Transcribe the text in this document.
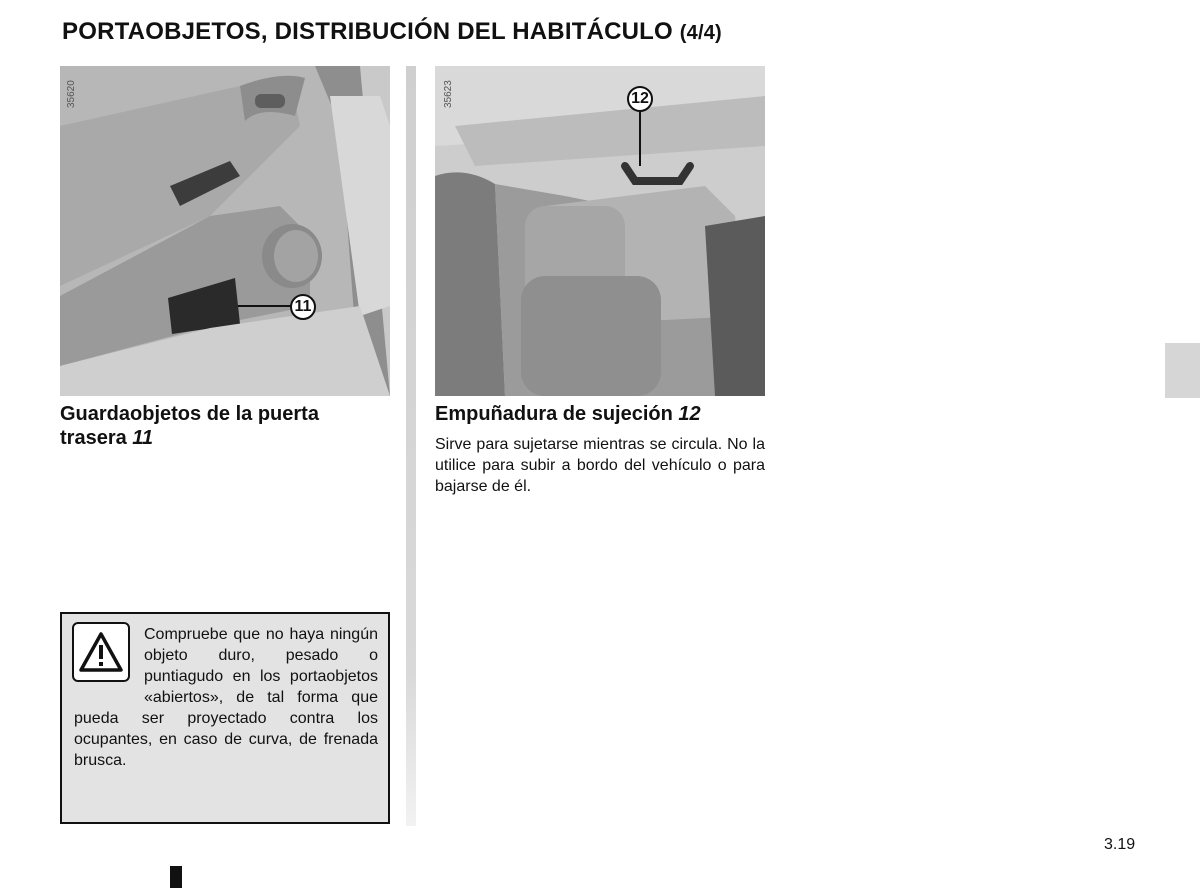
PORTAOBJETOS, DISTRIBUCIÓN DEL HABITÁCULO (4/4)
35620
11
35623	12
Guardaobjetos de la puerta trasera 11
Empuñadura de sujeción 12
Sirve para sujetarse mientras se circula. No la utilice para subir a bordo del vehículo o para bajarse de él.
Compruebe que no haya ningún objeto duro, pesado o puntiagudo en los portaobjetos «abiertos», de tal forma que pueda ser proyectado contra los ocupantes, en caso de curva, de frenada brusca.
3.19
